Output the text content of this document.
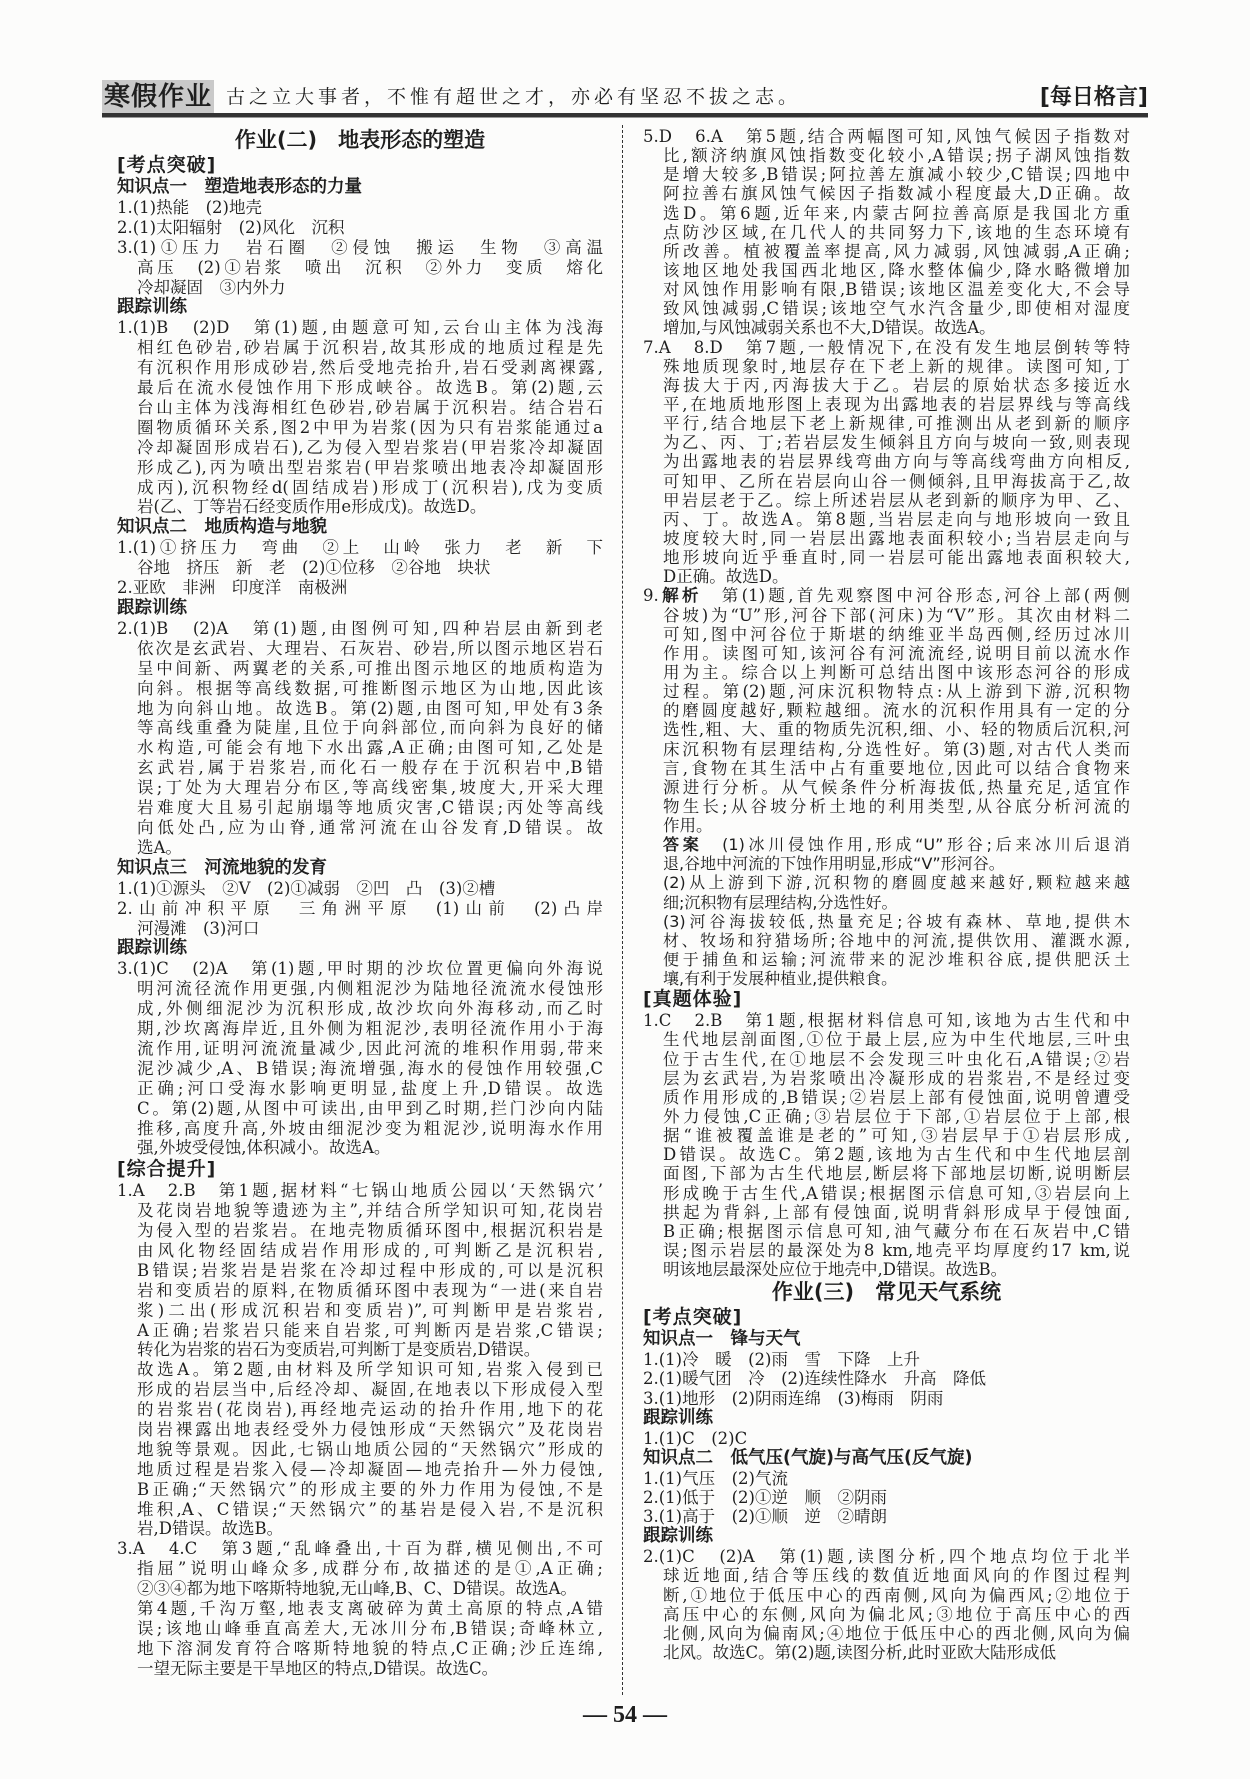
寒假作业 古之立大事者，不惟有超世之才，亦必有坚忍不拔之志。	[每日格言]
作业(二)　地表形态的塑造
[考点突破]
知识点一　塑造地表形态的力量
1.(1)热能　(2)地壳
2.(1)太阳辐射　(2)风化　沉积
3.(1)①压力　岩石圈　②侵蚀　搬运　生物　③高温
高压　(2)①岩浆　喷出　沉积　②外力　变质　熔化
冷却凝固　③内外力
跟踪训练
1.(1)B　(2)D　第(1)题,由题意可知,云台山主体为浅海
相红色砂岩,砂岩属于沉积岩,故其形成的地质过程是先
有沉积作用形成砂岩,然后受地壳抬升,岩石受剥离裸露,
最后在流水侵蚀作用下形成峡谷。故选B。第(2)题,云
台山主体为浅海相红色砂岩,砂岩属于沉积岩。结合岩石
圈物质循环关系,图2中甲为岩浆(因为只有岩浆能通过a
冷却凝固形成岩石),乙为侵入型岩浆岩(甲岩浆冷却凝固
形成乙),丙为喷出型岩浆岩(甲岩浆喷出地表冷却凝固形
成丙),沉积物经d(固结成岩)形成丁(沉积岩),戊为变质
岩(乙、丁等岩石经变质作用e形成戊)。故选D。
知识点二　地质构造与地貌
1.(1)①挤压力　弯曲　②上　山岭　张力　老　新　下
谷地　挤压　新　老　(2)①位移　②谷地　块状
2.亚欧　非洲　印度洋　南极洲
跟踪训练
2.(1)B　(2)A　第(1)题,由图例可知,四种岩层由新到老
依次是玄武岩、大理岩、石灰岩、砂岩,所以图示地区岩石
呈中间新、两翼老的关系,可推出图示地区的地质构造为
向斜。根据等高线数据,可推断图示地区为山地,因此该
地为向斜山地。故选B。第(2)题,由图可知,甲处有3条
等高线重叠为陡崖,且位于向斜部位,而向斜为良好的储
水构造,可能会有地下水出露,A正确;由图可知,乙处是
玄武岩,属于岩浆岩,而化石一般存在于沉积岩中,B错
误;丁处为大理岩分布区,等高线密集,坡度大,开采大理
岩难度大且易引起崩塌等地质灾害,C错误;丙处等高线
向低处凸,应为山脊,通常河流在山谷发育,D错误。故
选A。
知识点三　河流地貌的发育
1.(1)①源头　②V　(2)①减弱　②凹　凸　(3)②槽
2.山前冲积平原　三角洲平原　(1)山前　(2)凸岸
河漫滩　(3)河口
跟踪训练
3.(1)C　(2)A　第(1)题,甲时期的沙坎位置更偏向外海说
明河流径流作用更强,内侧粗泥沙为陆地径流流水侵蚀形
成,外侧细泥沙为沉积形成,故沙坎向外海移动,而乙时
期,沙坎离海岸近,且外侧为粗泥沙,表明径流作用小于海
流作用,证明河流流量减少,因此河流的堆积作用弱,带来
泥沙减少,A、B错误;海流增强,海水的侵蚀作用较强,C
正确;河口受海水影响更明显,盐度上升,D错误。故选
C。第(2)题,从图中可读出,由甲到乙时期,拦门沙向内陆
推移,高度升高,外坡由细泥沙变为粗泥沙,说明海水作用
强,外坡受侵蚀,体积减小。故选A。
[综合提升]
1.A　2.B　第1题,据材料“七锅山地质公园以‘天然锅穴’
及花岗岩地貌等遗迹为主”,并结合所学知识可知,花岗岩
为侵入型的岩浆岩。在地壳物质循环图中,根据沉积岩是
由风化物经固结成岩作用形成的,可判断乙是沉积岩,
B错误;岩浆岩是岩浆在冷却过程中形成的,可以是沉积
岩和变质岩的原料,在物质循环图中表现为“一进(来自岩
浆)二出(形成沉积岩和变质岩)”,可判断甲是岩浆岩,
A正确;岩浆岩只能来自岩浆,可判断丙是岩浆,C错误;
转化为岩浆的岩石为变质岩,可判断丁是变质岩,D错误。
故选A。第2题,由材料及所学知识可知,岩浆入侵到已
形成的岩层当中,后经冷却、凝固,在地表以下形成侵入型
的岩浆岩(花岗岩),再经地壳运动的抬升作用,地下的花
岗岩裸露出地表经受外力侵蚀形成“天然锅穴”及花岗岩
地貌等景观。因此,七锅山地质公园的“天然锅穴”形成的
地质过程是岩浆入侵—冷却凝固—地壳抬升—外力侵蚀,
B正确;“天然锅穴”的形成主要的外力作用为侵蚀,不是
堆积,A、C错误;“天然锅穴”的基岩是侵入岩,不是沉积
岩,D错误。故选B。
3.A　4.C　第3题,“乱峰叠出,十百为群,横见侧出,不可
指屈”说明山峰众多,成群分布,故描述的是①,A正确;
②③④都为地下喀斯特地貌,无山峰,B、C、D错误。故选A。
第4题,千沟万壑,地表支离破碎为黄土高原的特点,A错
误;该地山峰垂直高差大,无冰川分布,B错误;奇峰林立,
地下溶洞发育符合喀斯特地貌的特点,C正确;沙丘连绵,
一望无际主要是干旱地区的特点,D错误。故选C。
5.D　6.A　第5题,结合两幅图可知,风蚀气候因子指数对
比,额济纳旗风蚀指数变化较小,A错误;拐子湖风蚀指数
是增大较多,B错误;阿拉善左旗减小较少,C错误;四地中
阿拉善右旗风蚀气候因子指数减小程度最大,D正确。故
选D。第6题,近年来,内蒙古阿拉善高原是我国北方重
点防沙区域,在几代人的共同努力下,该地的生态环境有
所改善。植被覆盖率提高,风力减弱,风蚀减弱,A正确;
该地区地处我国西北地区,降水整体偏少,降水略微增加
对风蚀作用影响有限,B错误;该地区温差变化大,不会导
致风蚀减弱,C错误;该地空气水汽含量少,即使相对湿度
增加,与风蚀减弱关系也不大,D错误。故选A。
7.A　8.D　第7题,一般情况下,在没有发生地层倒转等特
殊地质现象时,地层存在下老上新的规律。读图可知,丁
海拔大于丙,丙海拔大于乙。岩层的原始状态多接近水
平,在地质地形图上表现为出露地表的岩层界线与等高线
平行,结合地层下老上新规律,可推测出从老到新的顺序
为乙、丙、丁;若岩层发生倾斜且方向与坡向一致,则表现
为出露地表的岩层界线弯曲方向与等高线弯曲方向相反,
可知甲、乙所在岩层向山谷一侧倾斜,且甲海拔高于乙,故
甲岩层老于乙。综上所述岩层从老到新的顺序为甲、乙、
丙、丁。故选A。第8题,当岩层走向与地形坡向一致且
坡度较大时,同一岩层出露地表面积较小;当岩层走向与
地形坡向近乎垂直时,同一岩层可能出露地表面积较大,
D正确。故选D。
9.解析　第(1)题,首先观察图中河谷形态,河谷上部(两侧
谷坡)为“U”形,河谷下部(河床)为“V”形。其次由材料二
可知,图中河谷位于斯堪的纳维亚半岛西侧,经历过冰川
作用。读图可知,该河谷有河流流经,说明目前以流水作
用为主。综合以上判断可总结出图中该形态河谷的形成
过程。第(2)题,河床沉积物特点:从上游到下游,沉积物
的磨圆度越好,颗粒越细。流水的沉积作用具有一定的分
选性,粗、大、重的物质先沉积,细、小、轻的物质后沉积,河
床沉积物有层理结构,分选性好。第(3)题,对古代人类而
言,食物在其生活中占有重要地位,因此可以结合食物来
源进行分析。从气候条件分析海拔低,热量充足,适宜作
物生长;从谷坡分析土地的利用类型,从谷底分析河流的
作用。
答案　(1)冰川侵蚀作用,形成“U”形谷;后来冰川后退消
退,谷地中河流的下蚀作用明显,形成“V”形河谷。
(2)从上游到下游,沉积物的磨圆度越来越好,颗粒越来越
细;沉积物有层理结构,分选性好。
(3)河谷海拔较低,热量充足;谷坡有森林、草地,提供木
材、牧场和狩猎场所;谷地中的河流,提供饮用、灌溉水源,
便于捕鱼和运输;河流带来的泥沙堆积谷底,提供肥沃土
壤,有利于发展种植业,提供粮食。
[真题体验]
1.C　2.B　第1题,根据材料信息可知,该地为古生代和中
生代地层剖面图,①位于最上层,应为中生代地层,三叶虫
位于古生代,在①地层不会发现三叶虫化石,A错误;②岩
层为玄武岩,为岩浆喷出冷凝形成的岩浆岩,不是经过变
质作用形成的,B错误;②岩层上部有侵蚀面,说明曾遭受
外力侵蚀,C正确;③岩层位于下部,①岩层位于上部,根
据“谁被覆盖谁是老的”可知,③岩层早于①岩层形成,
D错误。故选C。第2题,该地为古生代和中生代地层剖
面图,下部为古生代地层,断层将下部地层切断,说明断层
形成晚于古生代,A错误;根据图示信息可知,③岩层向上
拱起为背斜,上部有侵蚀面,说明背斜形成早于侵蚀面,
B正确;根据图示信息可知,油气藏分布在石灰岩中,C错
误;图示岩层的最深处为8 km,地壳平均厚度约17 km,说
明该地层最深处应位于地壳中,D错误。故选B。
作业(三)　常见天气系统
[考点突破]
知识点一　锋与天气
1.(1)冷　暖　(2)雨　雪　下降　上升
2.(1)暖气团　冷　(2)连续性降水　升高　降低
3.(1)地形　(2)阴雨连绵　(3)梅雨　阴雨
跟踪训练
1.(1)C　(2)C
知识点二　低气压(气旋)与高气压(反气旋)
1.(1)气压　(2)气流
2.(1)低于　(2)①逆　顺　②阴雨
3.(1)高于　(2)①顺　逆　②晴朗
跟踪训练
2.(1)C　(2)A　第(1)题,读图分析,四个地点均位于北半
球近地面,结合等压线的数值近地面风向的作图过程判
断,①地位于低压中心的西南侧,风向为偏西风;②地位于
高压中心的东侧,风向为偏北风;③地位于高压中心的西
北侧,风向为偏南风;④地位于低压中心的西北侧,风向为偏
北风。故选C。第(2)题,读图分析,此时亚欧大陆形成低
— 54 —
